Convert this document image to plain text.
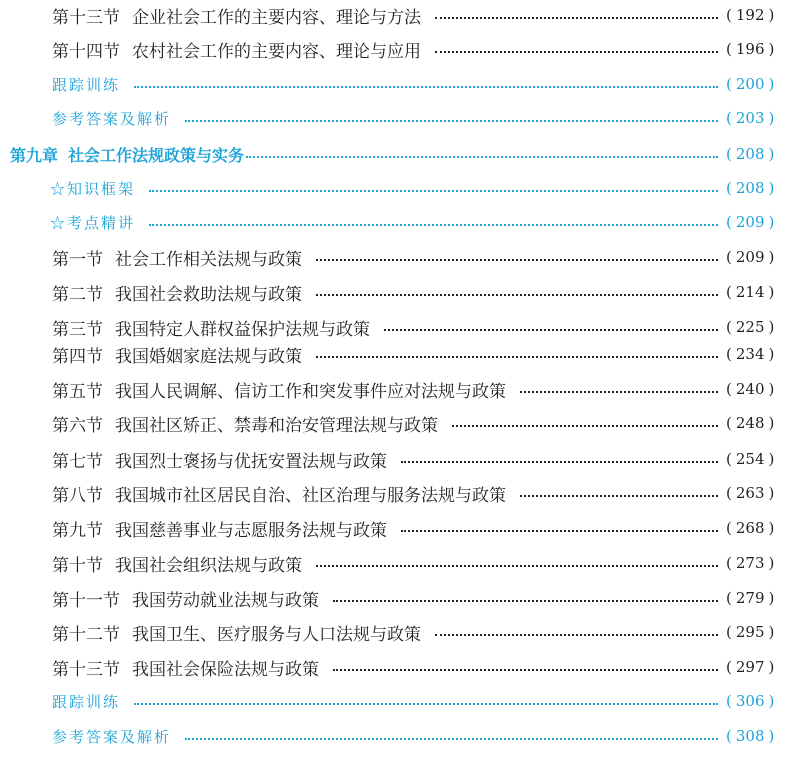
第十三节 企业社会工作的主要内容、理论与方法	( 192 )
第十四节 农村社会工作的主要内容、理论与应用	( 196 )
跟踪训练	( 200 )
参考答案及解析	( 203 )
第九章 社会工作法规政策与实务	( 208 )
☆知识框架	( 208 )
☆考点精讲	( 209 )
第一节 社会工作相关法规与政策	( 209 )
第二节 我国社会救助法规与政策	( 214 )
第三节 我国特定人群权益保护法规与政策	( 225 )
第四节 我国婚姻家庭法规与政策	( 234 )
第五节 我国人民调解、信访工作和突发事件应对法规与政策	( 240 )
第六节 我国社区矫正、禁毒和治安管理法规与政策	( 248 )
第七节 我国烈士褒扬与优抚安置法规与政策	( 254 )
第八节 我国城市社区居民自治、社区治理与服务法规与政策	( 263 )
第九节 我国慈善事业与志愿服务法规与政策	( 268 )
第十节 我国社会组织法规与政策	( 273 )
第十一节 我国劳动就业法规与政策	( 279 )
第十二节 我国卫生、医疗服务与人口法规与政策	( 295 )
第十三节 我国社会保险法规与政策	( 297 )
跟踪训练	( 306 )
参考答案及解析	( 308 )
